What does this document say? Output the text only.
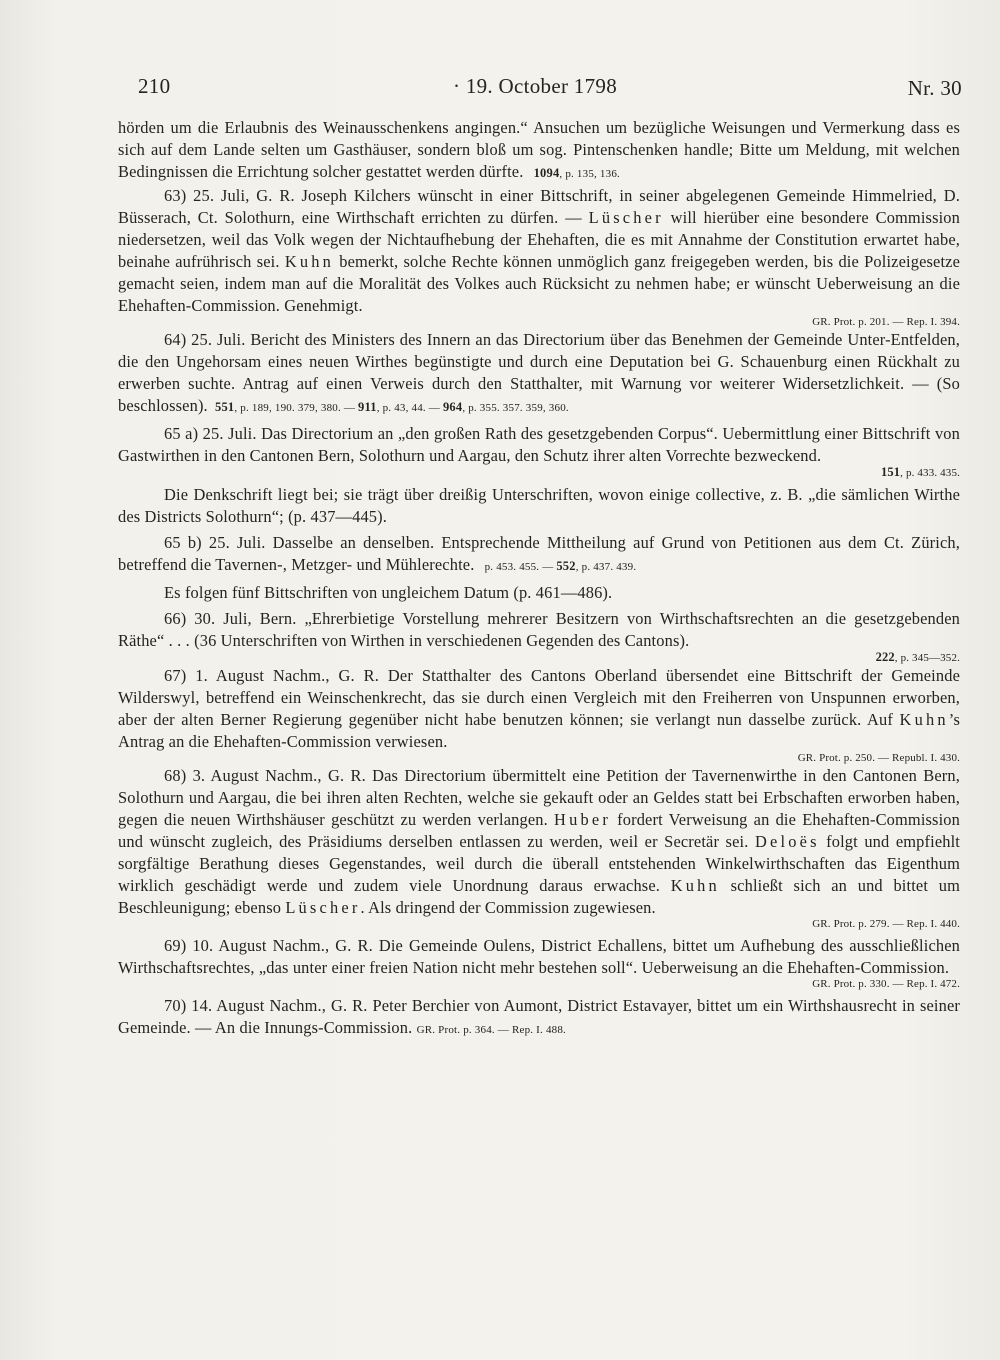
210	· 19. October 1798	Nr. 30

hörden um die Erlaubnis des Weinausschenkens angingen.“ Ansuchen um bezügliche Weisungen und Vermerkung dass es sich auf dem Lande selten um Gasthäuser, sondern bloß um sog. Pintenschenken handle; Bitte um Meldung, mit welchen Bedingnissen die Errichtung solcher gestattet werden dürfte. 1094, p. 135, 136.

63) 25. Juli, G. R. Joseph Kilchers wünscht in einer Bittschrift, in seiner abgelegenen Gemeinde Himmelried, D. Büsserach, Ct. Solothurn, eine Wirthschaft errichten zu dürfen. — Lüscher will hierüber eine besondere Commission niedersetzen, weil das Volk wegen der Nichtaufhebung der Ehehaften, die es mit Annahme der Constitution erwartet habe, beinahe aufrührisch sei. Kuhn bemerkt, solche Rechte können unmöglich ganz freigegeben werden, bis die Polizeigesetze gemacht seien, indem man auf die Moralität des Volkes auch Rücksicht zu nehmen habe; er wünscht Ueberweisung an die Ehehaften-Commission. Genehmigt.
GR. Prot. p. 201. — Rep. I. 394.

64) 25. Juli. Bericht des Ministers des Innern an das Directorium über das Benehmen der Gemeinde Unter-Entfelden, die den Ungehorsam eines neuen Wirthes begünstigte und durch eine Deputation bei G. Schauenburg einen Rückhalt zu erwerben suchte. Antrag auf einen Verweis durch den Statthalter, mit Warnung vor weiterer Widersetzlichkeit. — (So beschlossen). 551, p. 189, 190. 379, 380. — 911, p. 43, 44. — 964, p. 355. 357. 359, 360.

65 a) 25. Juli. Das Directorium an „den großen Rath des gesetzgebenden Corpus“. Uebermittlung einer Bittschrift von Gastwirthen in den Cantonen Bern, Solothurn und Aargau, den Schutz ihrer alten Vorrechte bezweckend.
151, p. 433. 435.

Die Denkschrift liegt bei; sie trägt über dreißig Unterschriften, wovon einige collective, z. B. „die sämlichen Wirthe des Districts Solothurn“; (p. 437—445).

65 b) 25. Juli. Dasselbe an denselben. Entsprechende Mittheilung auf Grund von Petitionen aus dem Ct. Zürich, betreffend die Tavernen-, Metzger- und Mühlerechte. p. 453. 455. — 552, p. 437. 439.

Es folgen fünf Bittschriften von ungleichem Datum (p. 461—486).

66) 30. Juli, Bern. „Ehrerbietige Vorstellung mehrerer Besitzern von Wirthschaftsrechten an die gesetzgebenden Räthe“ . . . (36 Unterschriften von Wirthen in verschiedenen Gegenden des Cantons).
222, p. 345—352.

67) 1. August Nachm., G. R. Der Statthalter des Cantons Oberland übersendet eine Bittschrift der Gemeinde Wilderswyl, betreffend ein Weinschenkrecht, das sie durch einen Vergleich mit den Freiherren von Unspunnen erworben, aber der alten Berner Regierung gegenüber nicht habe benutzen können; sie verlangt nun dasselbe zurück. Auf Kuhn’s Antrag an die Ehehaften-Commission verwiesen.
GR. Prot. p. 250. — Republ. I. 430.

68) 3. August Nachm., G. R. Das Directorium übermittelt eine Petition der Tavernenwirthe in den Cantonen Bern, Solothurn und Aargau, die bei ihren alten Rechten, welche sie gekauft oder an Geldes statt bei Erbschaften erworben haben, gegen die neuen Wirthshäuser geschützt zu werden verlangen. Huber fordert Verweisung an die Ehehaften-Commission und wünscht zugleich, des Präsidiums derselben entlassen zu werden, weil er Secretär sei. Deloës folgt und empfiehlt sorgfältige Berathung dieses Gegenstandes, weil durch die überall entstehenden Winkelwirthschaften das Eigenthum wirklich geschädigt werde und zudem viele Unordnung daraus erwachse. Kuhn schließt sich an und bittet um Beschleunigung; ebenso Lüscher. Als dringend der Commission zugewiesen.
GR. Prot. p. 279. — Rep. I. 440.

69) 10. August Nachm., G. R. Die Gemeinde Oulens, District Echallens, bittet um Aufhebung des ausschließlichen Wirthschaftsrechtes, „das unter einer freien Nation nicht mehr bestehen soll“. Ueberweisung an die Ehehaften-Commission.
GR. Prot. p. 330. — Rep. I. 472.

70) 14. August Nachm., G. R. Peter Berchier von Aumont, District Estavayer, bittet um ein Wirthshausrecht in seiner Gemeinde. — An die Innungs-Commission. GR. Prot. p. 364. — Rep. I. 488.
